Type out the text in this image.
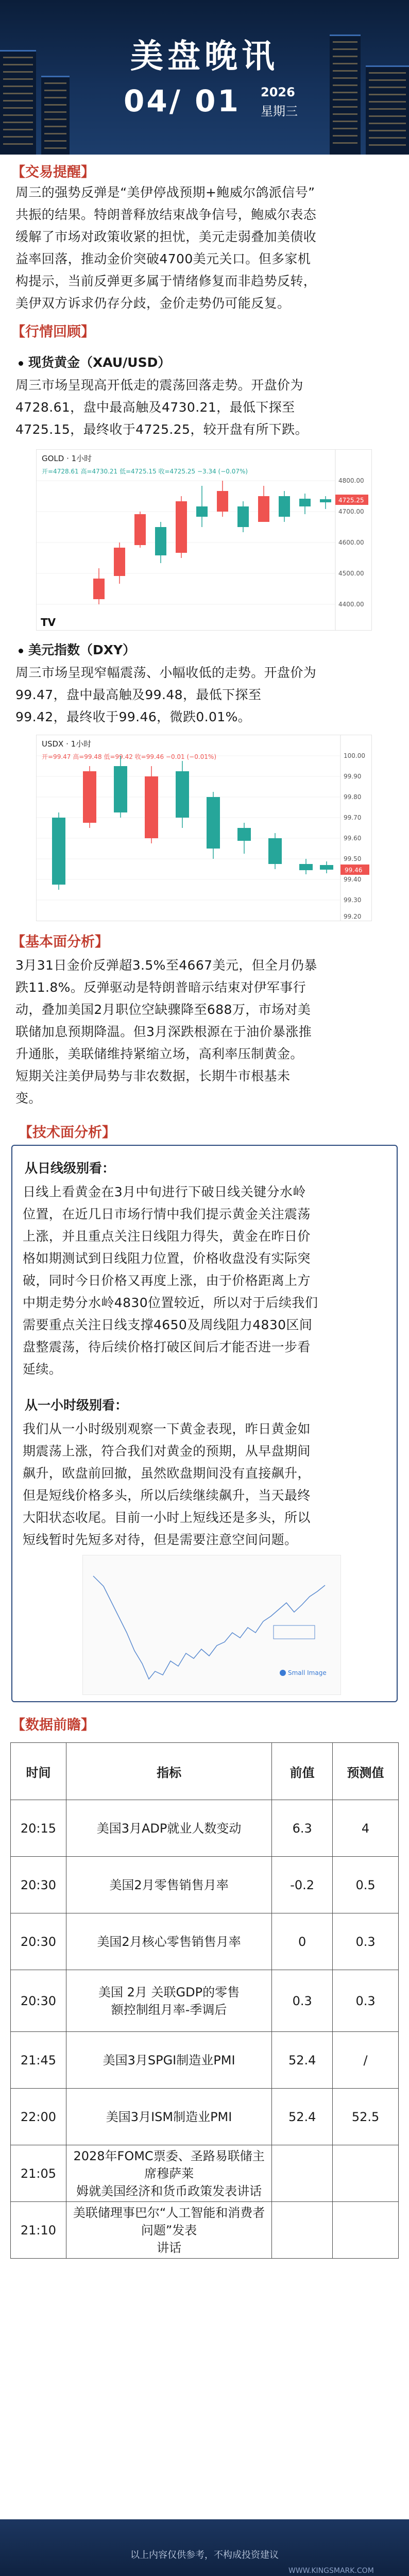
美盘晚讯
04/ 01 2026
星期三
【交易提醒】
周三的强势反弹是“美伊停战预期+鲍威尔鸽派信号”
共振的结果。特朗普释放结束战争信号，鲍威尔表态
缓解了市场对政策收紧的担忧，美元走弱叠加美债收
益率回落，推动金价突破4700美元关口。但多家机
构提示，当前反弹更多属于情绪修复而非趋势反转，
美伊双方诉求仍存分歧，金价走势仍可能反复。
【行情回顾】
现货黄金（XAU/USD）
周三市场呈现高开低走的震荡回落走势。开盘价为
4728.61，盘中最高触及4730.21，最低下探至
4725.15，最终收于4725.25，较开盘有所下跌。
GOLD · 1小时
开=4728.61 高=4730.21 低=4725.15 收=4725.25 −3.34 (−0.07%)
4800.00
4700.00
4600.00
4500.00
4400.00
4725.25
TV
美元指数（DXY）
周三市场呈现窄幅震荡、小幅收低的走势。开盘价为
99.47，盘中最高触及99.48，最低下探至
99.42，最终收于99.46，微跌0.01%。
USDX · 1小时
开=99.47 高=99.48 低=99.42 收=99.46 −0.01 (−0.01%)	100.00
99.90
99.80
99.70
99.60
99.50
99.40
99.30
99.20
99.46
【基本面分析】
3月31日金价反弹超3.5%至4667美元，但全月仍暴
跌11.8%。反弹驱动是特朗普暗示结束对伊军事行
动，叠加美国2月职位空缺骤降至688万，市场对美
联储加息预期降温。但3月深跌根源在于油价暴涨推
升通胀，美联储维持紧缩立场，高利率压制黄金。
短期关注美伊局势与非农数据，长期牛市根基未
变。
【技术面分析】
从日线级别看：
日线上看黄金在3月中旬进行下破日线关键分水岭
位置，在近几日市场行情中我们提示黄金关注震荡
上涨，并且重点关注日线阻力得失，黄金在昨日价
格如期测试到日线阻力位置，价格收盘没有实际突
破，同时今日价格又再度上涨，由于价格距离上方
中期走势分水岭4830位置较近，所以对于后续我们
需要重点关注日线支撑4650及周线阻力4830区间
盘整震荡，待后续价格打破区间后才能否进一步看
延续。
从一小时级别看：
我们从一小时级别观察一下黄金表现，昨日黄金如
期震荡上涨，符合我们对黄金的预期，从早盘期间
飙升，欧盘前回撤，虽然欧盘期间没有直接飙升，
但是短线价格多头，所以后续继续飙升，当天最终
大阳状态收尾。目前一小时上短线还是多头，所以
短线暂时先短多对待，但是需要注意空间问题。
Small Image
【数据前瞻】
时间	指标	前值	预测值
20:15	美国3月ADP就业人数变动	6.3	4
20:30	美国2月零售销售月率	-0.2	0.5
20:30	美国2月核心零售销售月率	0	0.3
20:30	美国 2月 关联GDP的零售
额控制组月率-季调后	0.3	0.3
21:45	美国3月SPGI制造业PMI	52.4	/
22:00	美国3月ISM制造业PMI	52.4	52.5
21:05	2028年FOMC票委、圣路易联储主席穆萨莱
姆就美国经济和货币政策发表讲话		
21:10	美联储理事巴尔“人工智能和消费者问题”发表
讲话		
以上内容仅供参考，不构成投资建议
WWW.KINGSMARK.COM
